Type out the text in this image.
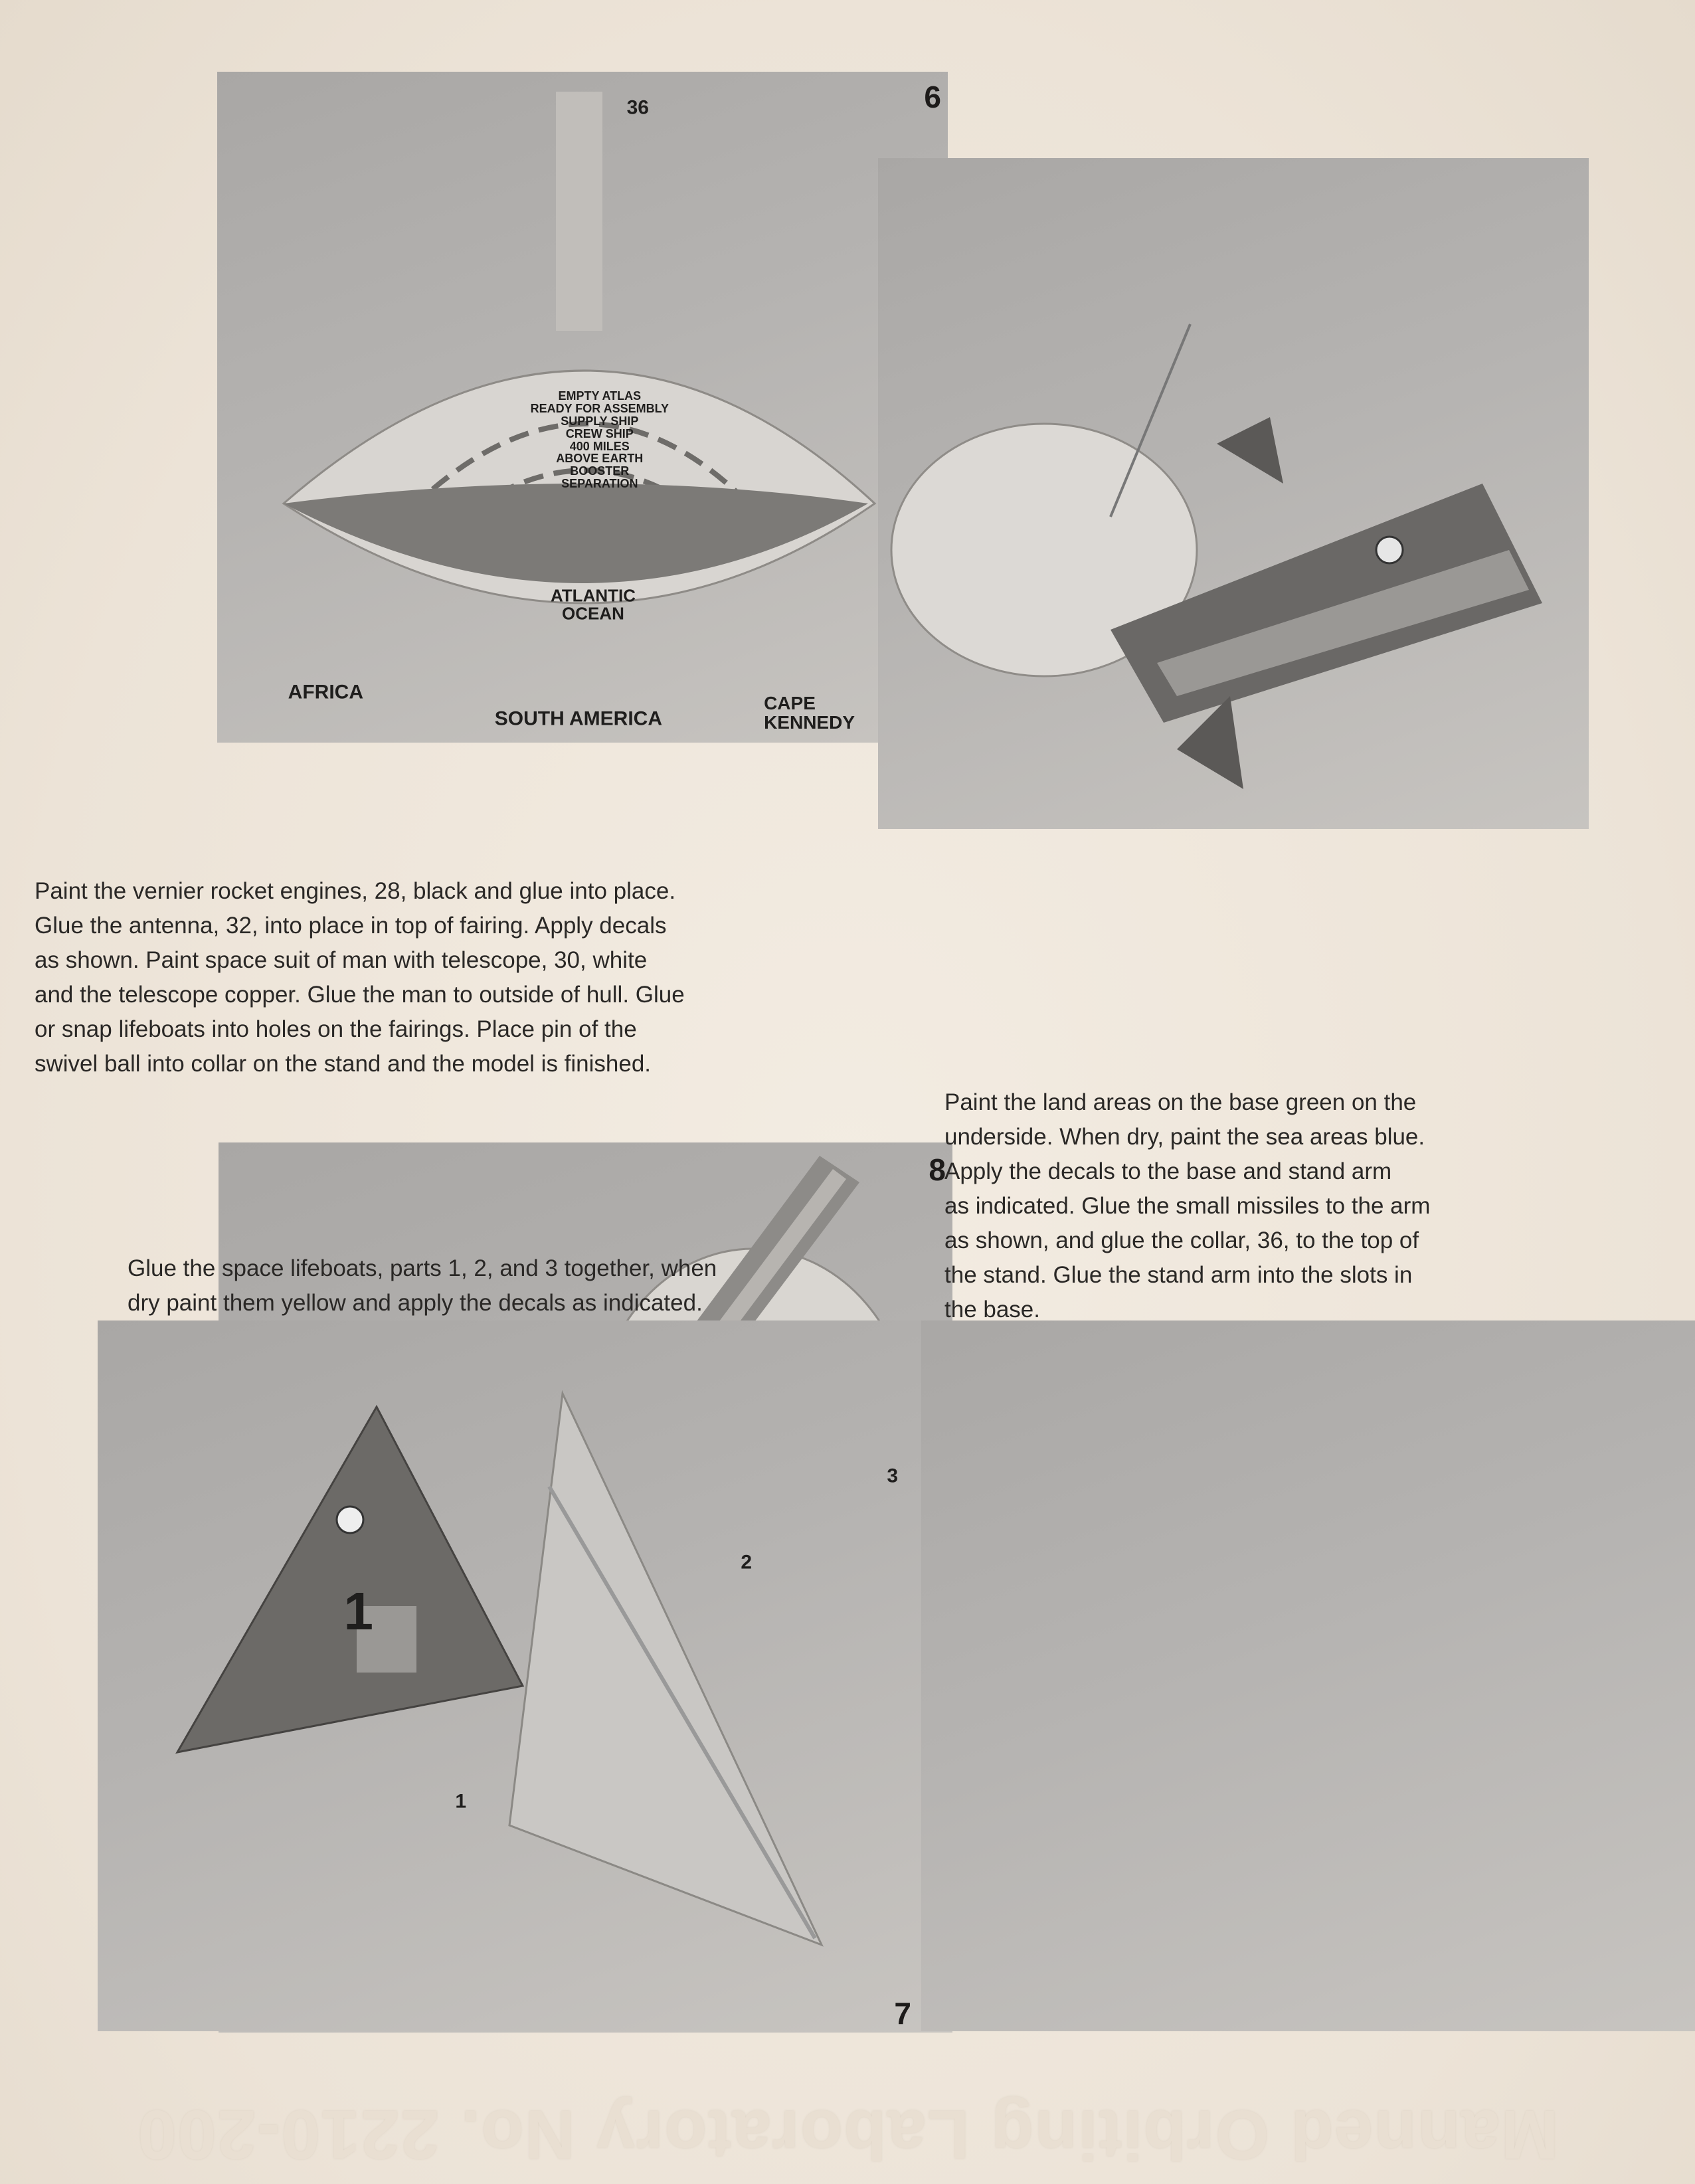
Manned Orbiting Laboratory No. 2210-200
8
AFRICA
SOUTH AMERICA
CAPE
KENNEDY
ATLANTIC
OCEAN
EMPTY ATLAS
READY FOR ASSEMBLY
SUPPLY SHIP
CREW SHIP
400 MILES
ABOVE EARTH
BOOSTER
SEPARATION
36	6
7
1
2
3
1
Paint the land areas on the base green on the
underside. When dry, paint the sea areas blue.
Apply the decals to the base and stand arm
as indicated. Glue the small missiles to the arm
as shown, and glue the collar, 36, to the top of
the stand. Glue the stand arm into the slots in
the base.
Glue the space lifeboats, parts 1, 2, and 3 together, when
dry paint them yellow and apply the decals as indicated.
Paint the vernier rocket engines, 28, black and glue into place.
Glue the antenna, 32, into place in top of fairing. Apply decals
as shown. Paint space suit of man with telescope, 30, white
and the telescope copper. Glue the man to outside of hull. Glue
or snap lifeboats into holes on the fairings. Place pin of the
swivel ball into collar on the stand and the model is finished.
